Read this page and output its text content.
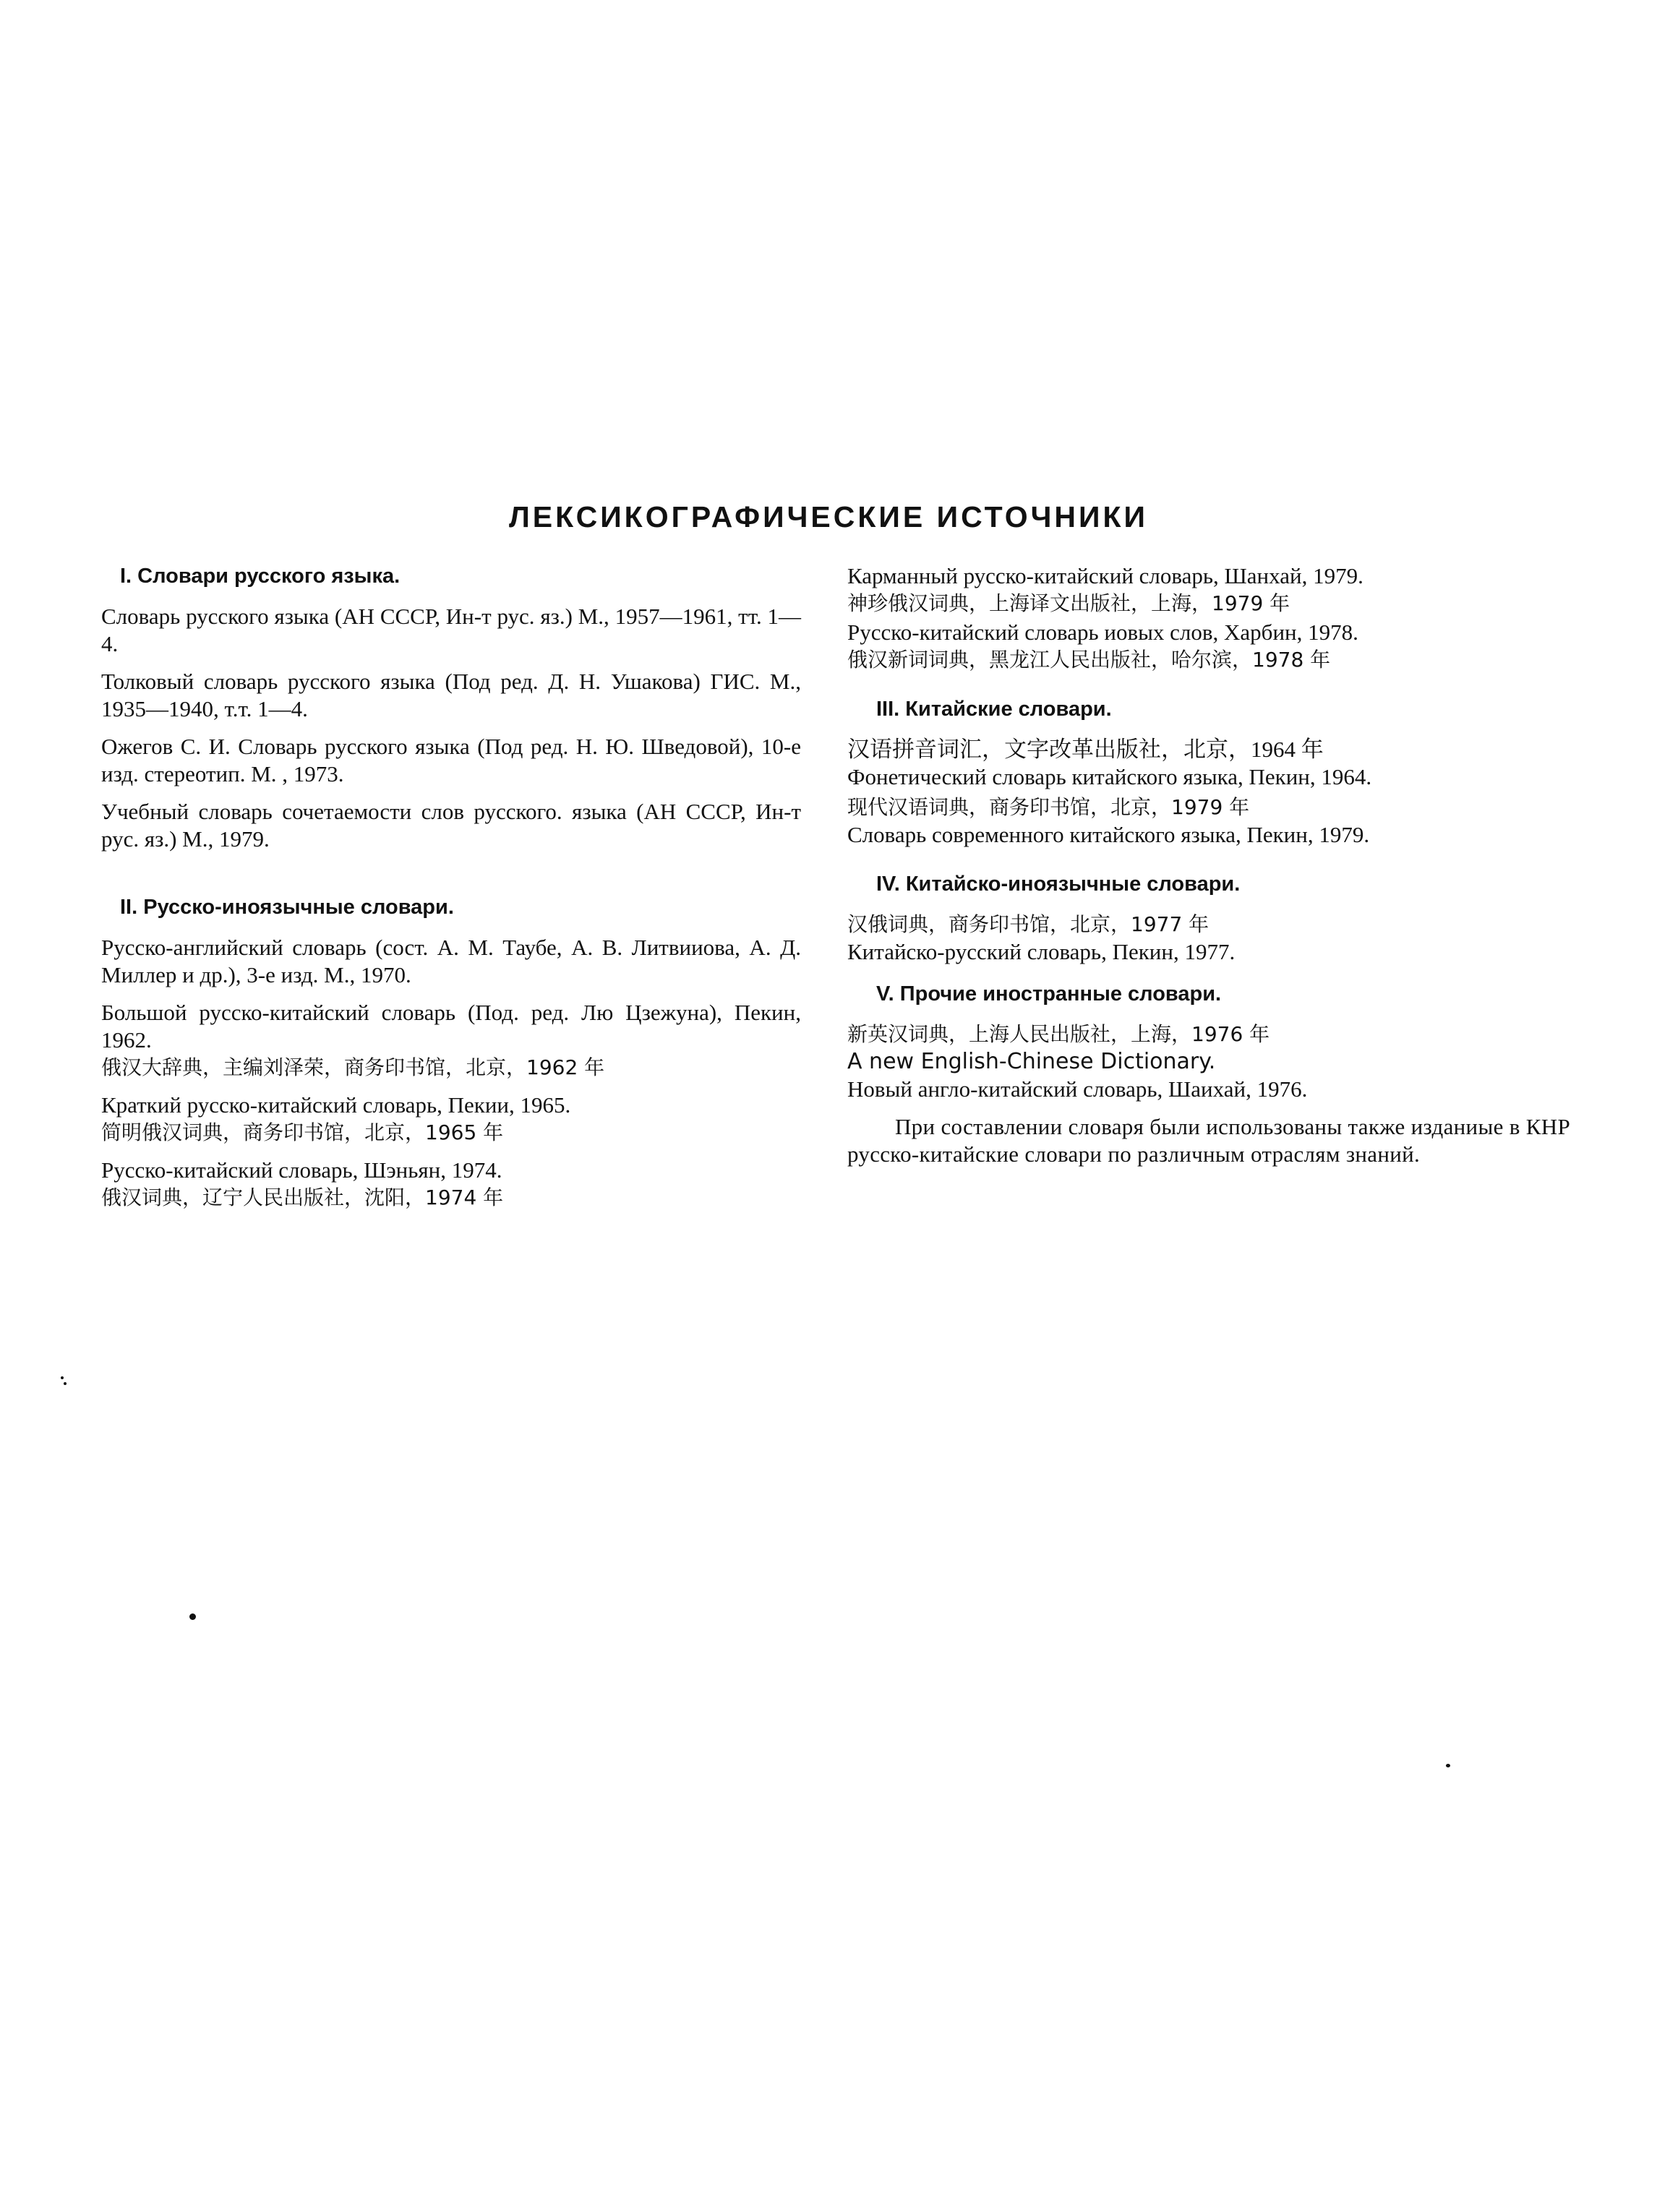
ЛЕКСИКОГРАФИЧЕСКИЕ ИСТОЧНИКИ
I. Словари русского языка.
Словарь русского языка (АН СССР, Ин-т рус. яз.) М., 1957—1961, тт. 1—4.
Толковый словарь русского языка (Под ред. Д. Н. Ушакова) ГИС. М., 1935—1940, т.т. 1—4.
Ожегов С. И. Словарь русского языка (Под ред. Н. Ю. Шведовой), 10-е изд. стереотип. М. , 1973.
Учебный словарь сочетаемости слов русского. языка (АН СССР, Ин-т рус. яз.) М., 1979.
II. Русско-иноязычные словари.
Русско-английский словарь (сост. А. М. Таубе, А. В. Литвииова, А. Д. Миллер и др.), 3-е изд. М., 1970.
Большой русско-китайский словарь (Под. ред. Лю Цзежуна), Пекин, 1962.
俄汉大辞典，主编刘泽荣，商务印书馆，北京，1962 年
Краткий русско-китайский словарь, Пекии, 1965.
简明俄汉词典，商务印书馆，北京，1965 年
Русско-китайский словарь, Шэньян, 1974.
俄汉词典，辽宁人民出版社，沈阳，1974 年
Карманный русско-китайский словарь, Шанхай, 1979.
神珍俄汉词典，上海译文出版社，上海，1979 年
Русско-китайский словарь иовых слов, Харбин, 1978.
俄汉新词词典，黑龙江人民出版社，哈尔滨，1978 年
III. Китайские словари.
汉语拼音词汇，文字改革出版社，北京，1964 年
Фонетический словарь китайского языка, Пекин, 1964.
现代汉语词典，商务印书馆，北京，1979 年
Словарь современного китайского языка, Пекин, 1979.
IV. Китайско-иноязычные словари.
汉俄词典，商务印书馆，北京，1977 年
Китайско-русский словарь, Пекин, 1977.
V. Прочие иностранные словари.
新英汉词典，上海人民出版社，上海，1976 年
A new English-Chinese Dictionary.
Новый англо-китайский словарь, Шаихай, 1976.
При составлении словаря были использованы также изданиые в КНР русско-китайские словари по различным отраслям знаний.
